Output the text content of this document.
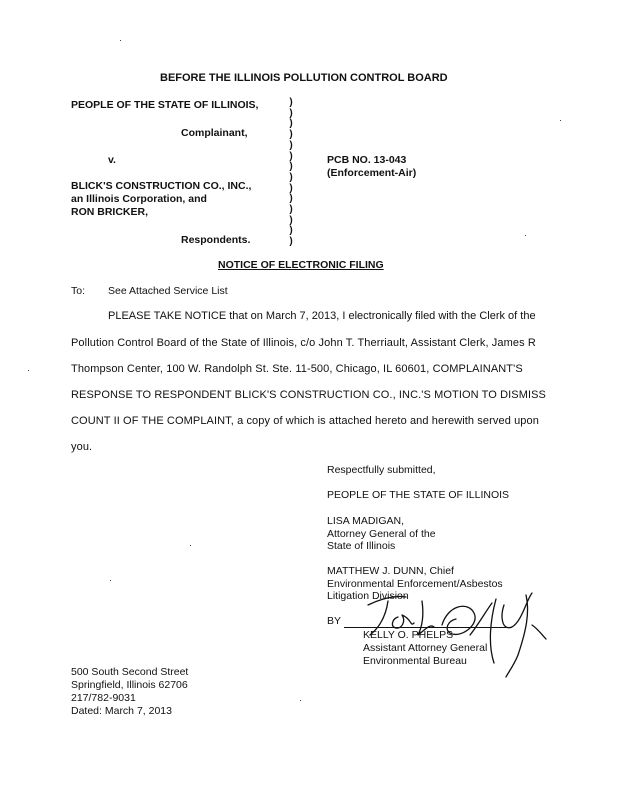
BEFORE THE ILLINOIS POLLUTION CONTROL BOARD
PEOPLE OF THE STATE OF ILLINOIS,
Complainant,
v.
BLICK'S CONSTRUCTION CO., INC.,
an Illinois Corporation, and
RON BRICKER,
Respondents.
)
)
)
)
)
)
)
)
)
)
)
)
)
)
PCB NO. 13-043
(Enforcement-Air)
NOTICE OF ELECTRONIC FILING
To: See Attached Service List
PLEASE TAKE NOTICE that on March 7, 2013, I electronically filed with the Clerk of the
Pollution Control Board of the State of Illinois, c/o John T. Therriault, Assistant Clerk, James R
Thompson Center, 100 W. Randolph St. Ste. 11-500, Chicago, IL 60601, COMPLAINANT'S
RESPONSE TO RESPONDENT BLICK'S CONSTRUCTION CO., INC.'S MOTION TO DISMISS
COUNT II OF THE COMPLAINT, a copy of which is attached hereto and herewith served upon
you.
Respectfully submitted,
PEOPLE OF THE STATE OF ILLINOIS
LISA MADIGAN,
Attorney General of the
State of Illinois
MATTHEW J. DUNN, Chief
Environmental Enforcement/Asbestos
Litigation Division
BY
KELLY O. PHELPS
Assistant Attorney General
Environmental Bureau
500 South Second Street
Springfield, Illinois 62706
217/782-9031
Dated: March 7, 2013
